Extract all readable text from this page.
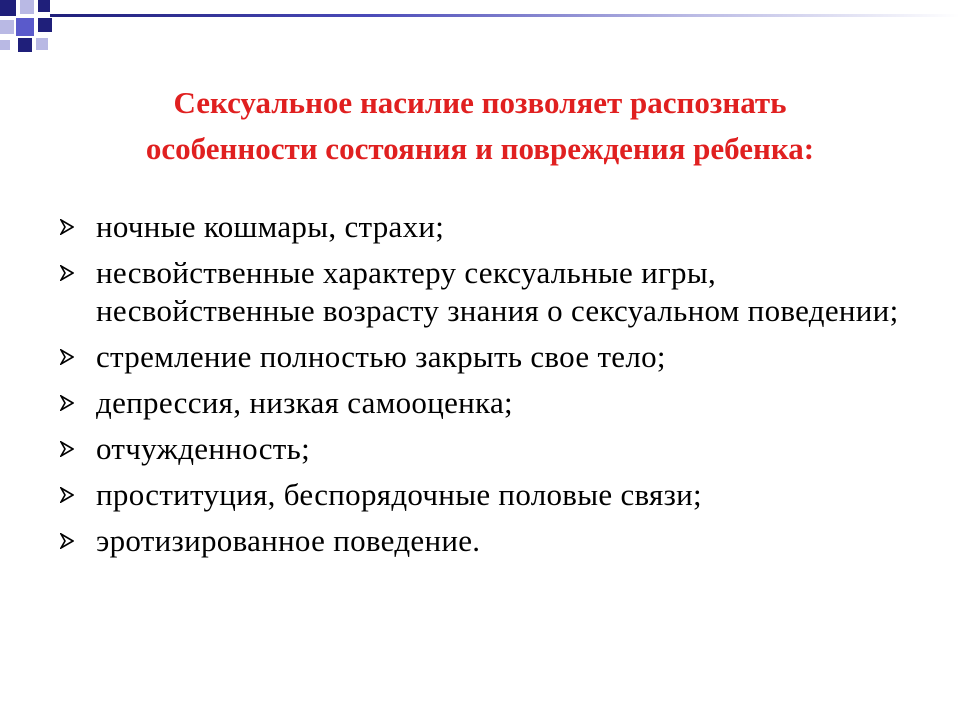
Сексуальное насилие позволяет распознать
особенности состояния и повреждения ребенка:
ночные кошмары, страхи;
несвойственные характеру сексуальные игры, несвойственные возрасту знания о сексуальном поведении;
стремление полностью закрыть свое тело;
депрессия, низкая самооценка;
отчужденность;
проституция, беспорядочные половые связи;
эротизированное поведение.
